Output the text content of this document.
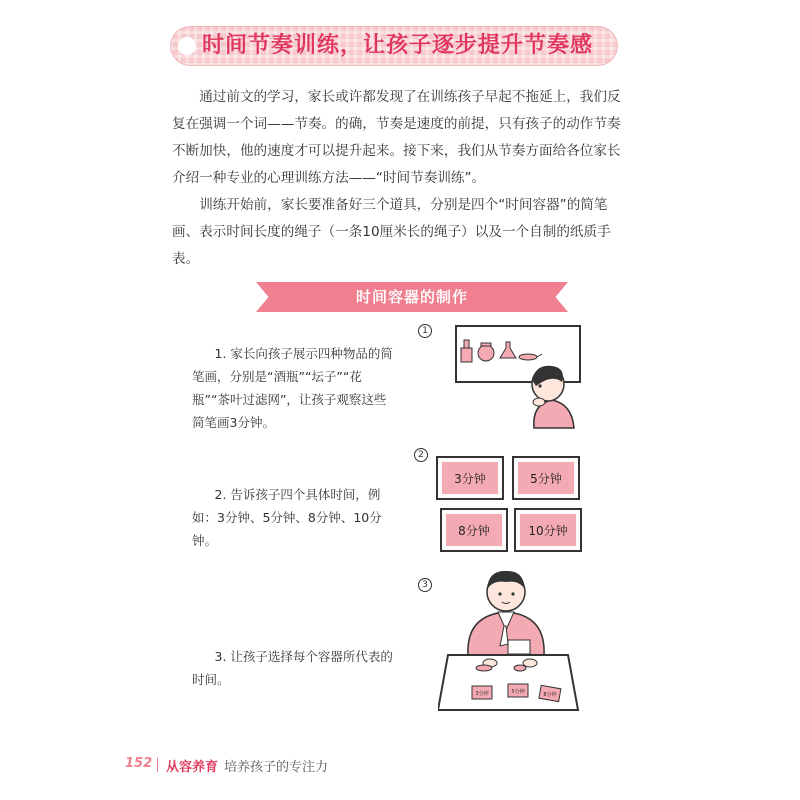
时间节奏训练，让孩子逐步提升节奏感

通过前文的学习，家长或许都发现了在训练孩子早起不拖延上，我们反复在强调一个词——节奏。的确，节奏是速度的前提，只有孩子的动作节奏不断加快，他的速度才可以提升起来。接下来，我们从节奏方面给各位家长介绍一种专业的心理训练方法——“时间节奏训练”。

训练开始前，家长要准备好三个道具，分别是四个“时间容器”的简笔画、表示时间长度的绳子（一条10厘米长的绳子）以及一个自制的纸质手表。

时间容器的制作

1. 家长向孩子展示四种物品的简笔画，分别是“酒瓶”“坛子”“花瓶”“茶叶过滤网”，让孩子观察这些简笔画3分钟。

2. 告诉孩子四个具体时间，例如：3分钟、5分钟、8分钟、10分钟。

3. 让孩子选择每个容器所代表的时间。

1
2
3
3分钟	5分钟
8分钟	10分钟
3分钟	5分钟	8分钟
152 从容养育 培养孩子的专注力
